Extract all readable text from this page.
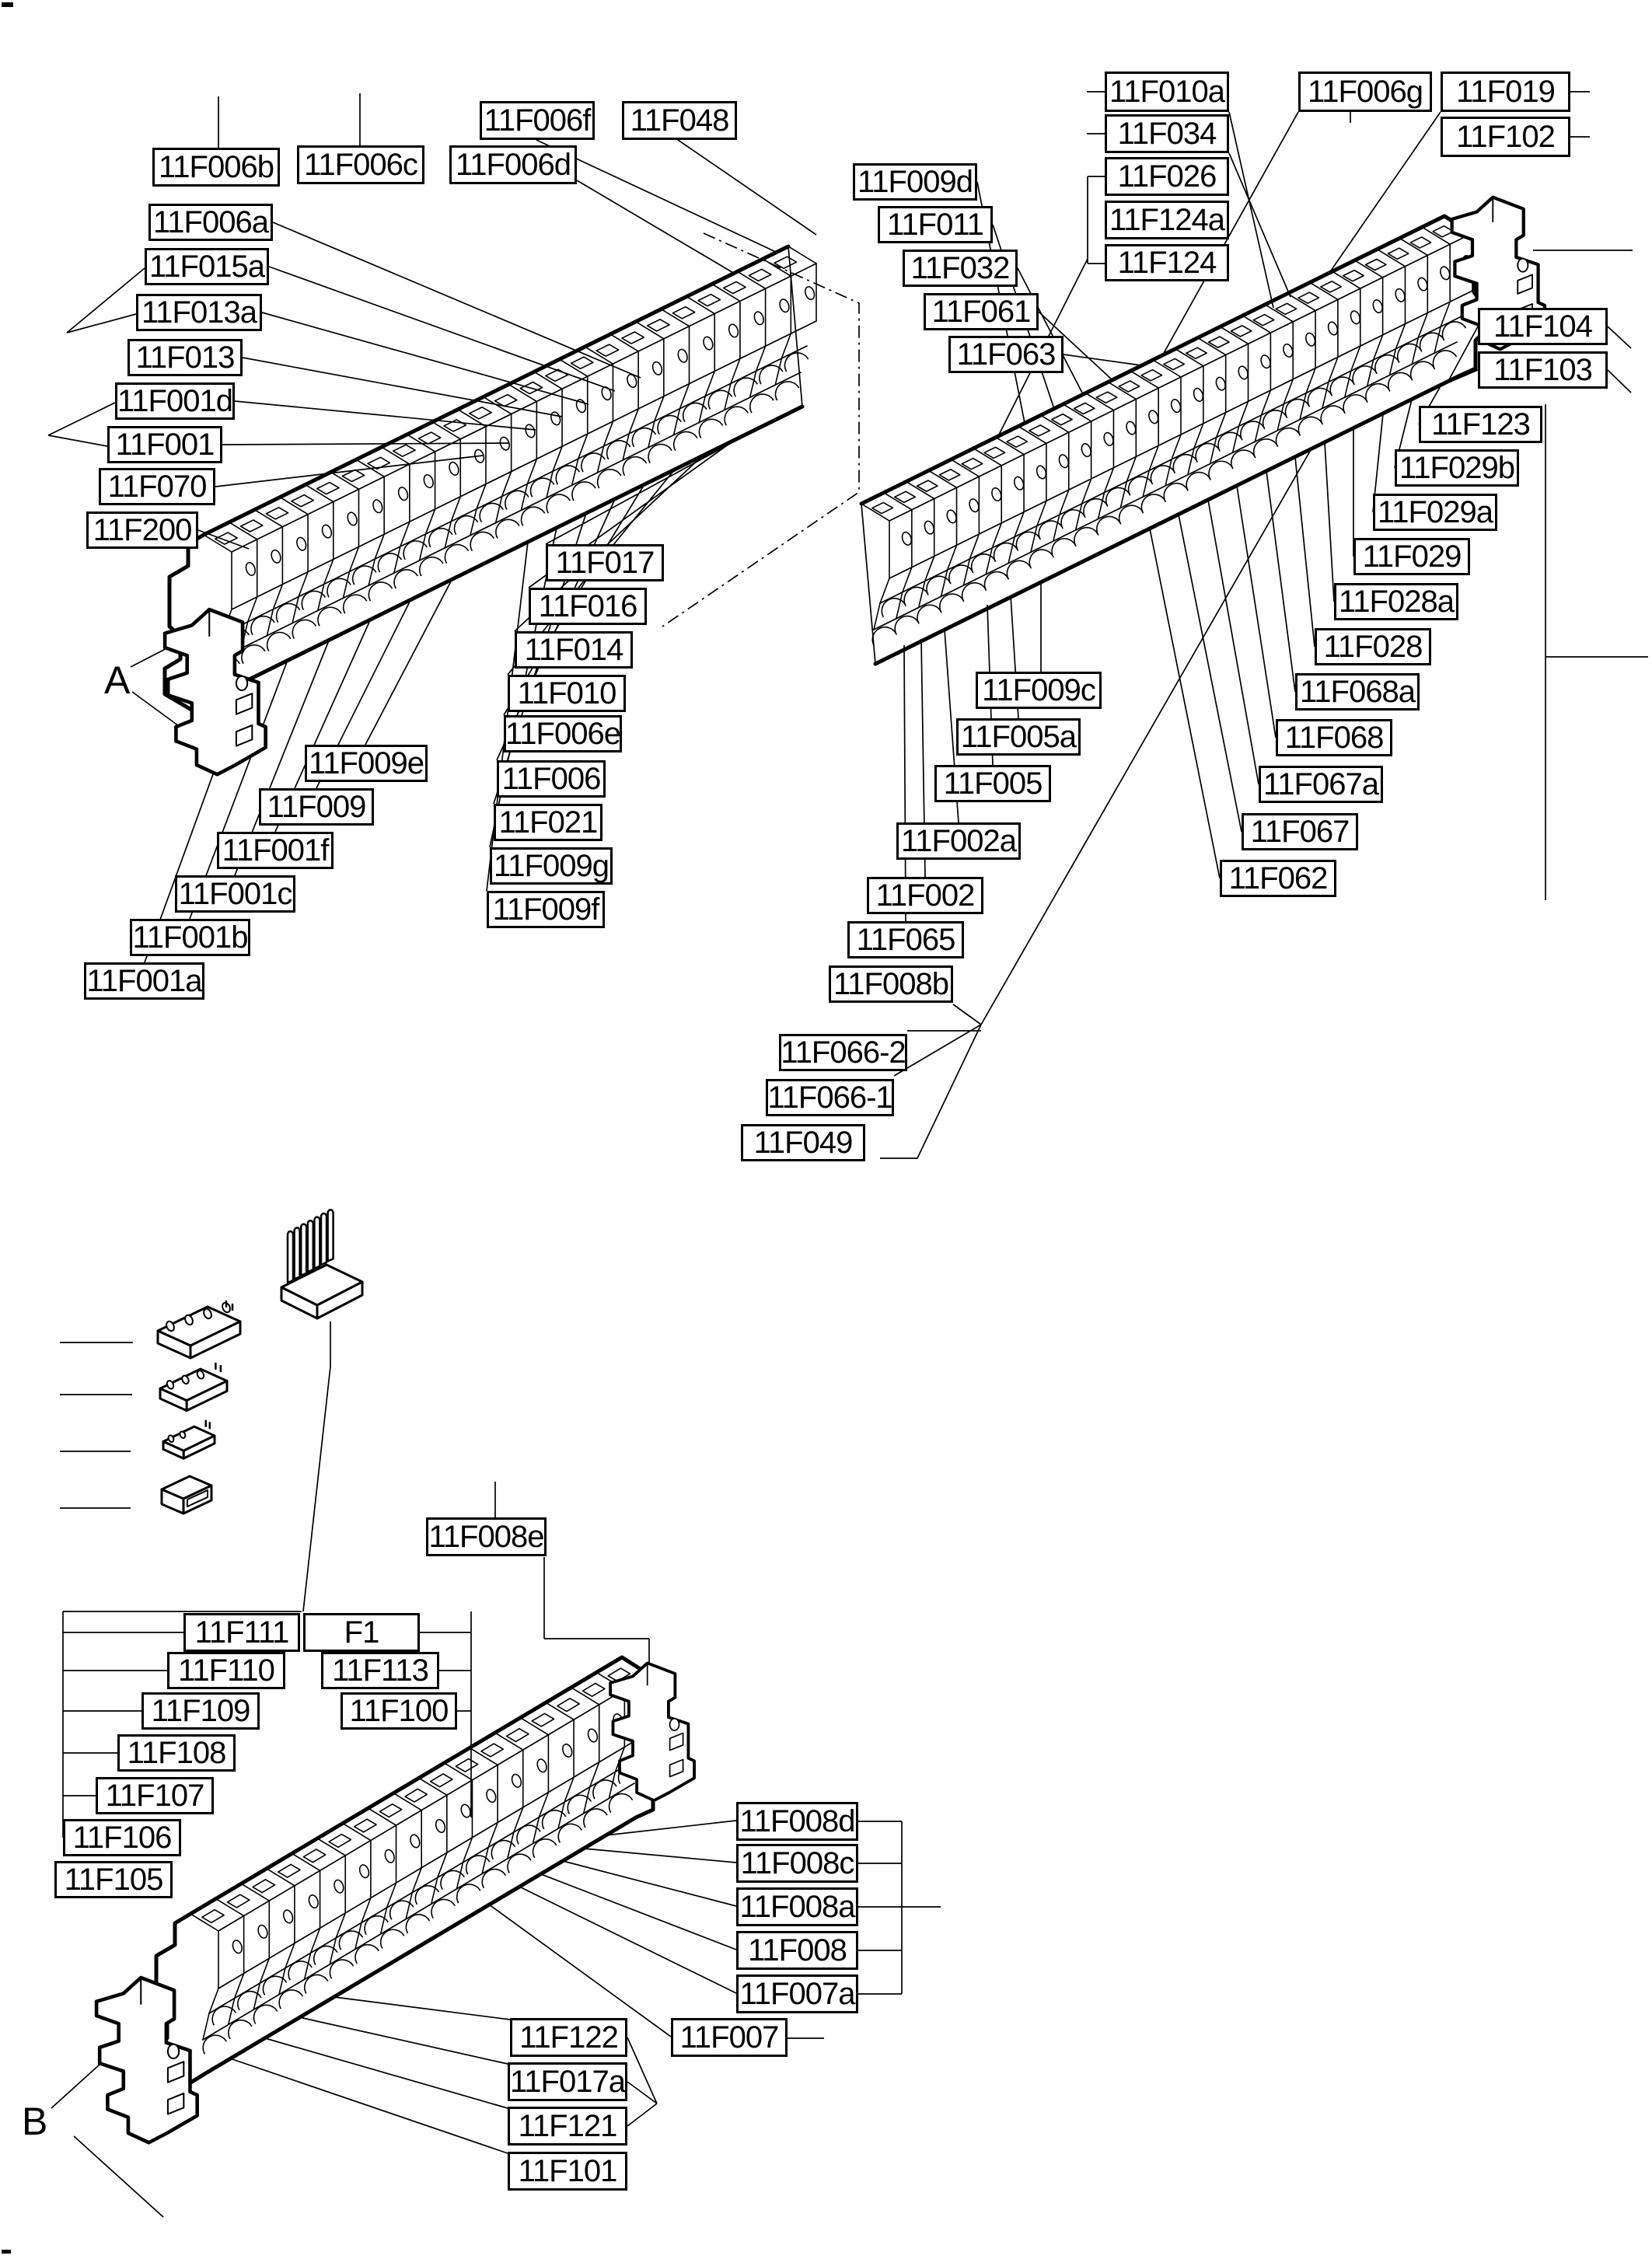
11F006f 11F048
11F006b 11F006c 11F006d
11F006a
11F015a
11F013a
11F013
11F001d
11F001
11F070
11F200
11F017
11F016
11F014
11F010
11F006e
11F006
11F021
11F009g
11F009f
11F009e
11F009
11F001f
11F001c
11F001b
11F001a
11F010a
11F034
11F026
11F124a
11F124
11F006g	11F019
11F102
11F009d
11F011
11F032
11F061
11F063
11F104
11F103
11F123
11F029b
11F029a
11F029
11F028a
11F028
11F068a
11F068
11F067a
11F067
11F062
11F009c
11F005a
11F005
11F002a
11F002
11F065
11F008b
11F066-2
11F066-1
11F049
11F008e
11F111	F1
11F110	11F113
11F109	11F100
11F108
11F107
11F106
11F105
11F008d
11F008c
11F008a
11F008
11F007a
11F007
11F122
11F017a
11F121
11F101
A
B
